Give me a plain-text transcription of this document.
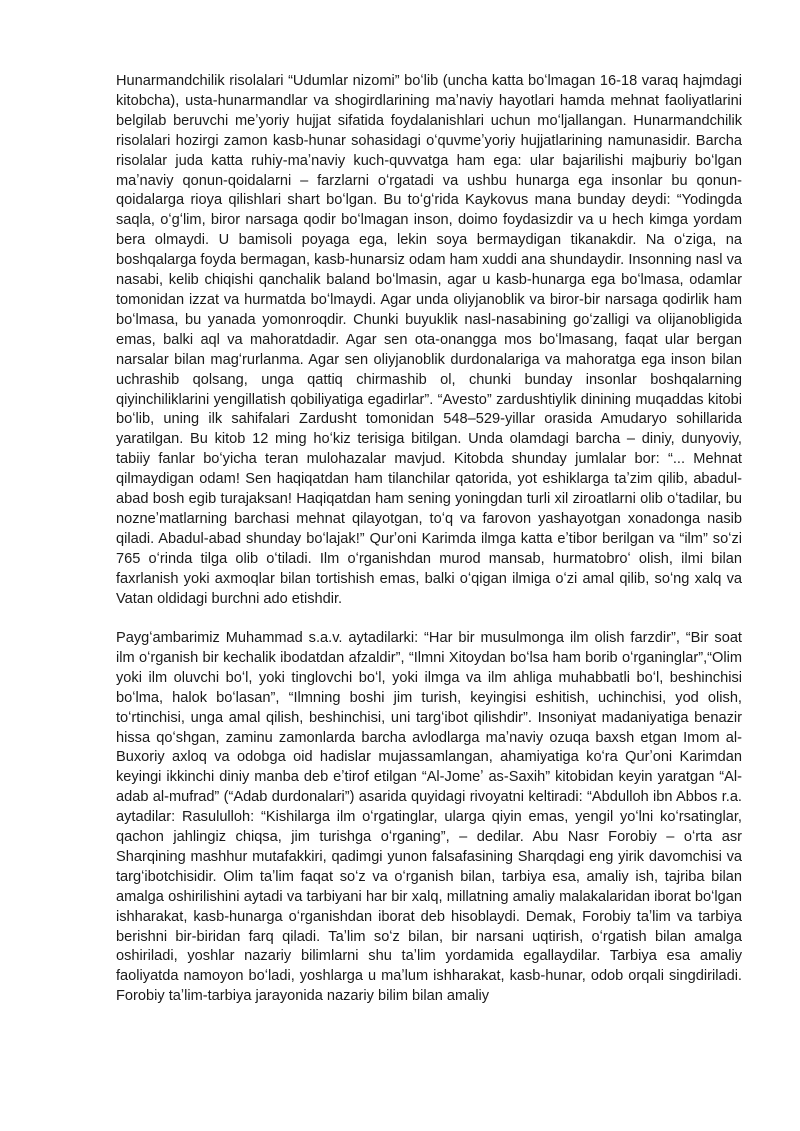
Hunarmandchilik risolalari “Udumlar nizomi” boʻlib (uncha katta boʻlmagan 16-18 varaq hajmdagi kitobcha), usta-hunarmandlar va shogirdlarining maʼnaviy hayotlari hamda mehnat faoliyatlarini belgilab beruvchi meʼyoriy hujjat sifatida foydalanishlari uchun moʻljallangan. Hunarmandchilik risolalari hozirgi zamon kasb-hunar sohasidagi oʻquvmeʼyoriy hujjatlarining namunasidir. Barcha risolalar juda katta ruhiy-maʼnaviy kuch-quvvatga ham ega: ular bajarilishi majburiy boʻlgan maʼnaviy qonun-qoidalarni – farzlarni oʻrgatadi va ushbu hunarga ega insonlar bu qonun-qoidalarga rioya qilishlari shart boʻlgan. Bu toʻgʻrida Kaykovus mana bunday deydi: “Yodingda saqla, oʻgʻlim, biror narsaga qodir boʻlmagan inson, doimo foydasizdir va u hech kimga yordam bera olmaydi. U bamisoli poyaga ega, lekin soya bermaydigan tikanakdir. Na oʻziga, na boshqalarga foyda bermagan, kasb-hunarsiz odam ham xuddi ana shundaydir. Insonning nasl va nasabi, kelib chiqishi qanchalik baland boʻlmasin, agar u kasb-hunarga ega boʻlmasa, odamlar tomonidan izzat va hurmatda boʻlmaydi. Agar unda oliyjanoblik va biror-bir narsaga qodirlik ham boʻlmasa, bu yanada yomonroqdir. Chunki buyuklik nasl-nasabining goʻzalligi va olijanobligida emas, balki aql va mahoratdadir. Agar sen ota-onangga mos boʻlmasang, faqat ular bergan narsalar bilan magʻrurlanma. Agar sen oliyjanoblik durdonalariga va mahoratga ega inson bilan uchrashib qolsang, unga qattiq chirmashib ol, chunki bunday insonlar boshqalarning qiyinchiliklarini yengillatish qobiliyatiga egadirlar”. “Avesto” zardushtiylik dinining muqaddas kitobi boʻlib, uning ilk sahifalari Zardusht tomonidan 548–529-yillar orasida Amudaryo sohillarida yaratilgan. Bu kitob 12 ming hoʻkiz terisiga bitilgan. Unda olamdagi barcha – diniy, dunyoviy, tabiiy fanlar boʻyicha teran mulohazalar mavjud. Kitobda shunday jumlalar bor: “... Mehnat qilmaydigan odam! Sen haqiqatdan ham tilanchilar qatorida, yot eshiklarga taʼzim qilib, abadul-abad bosh egib turajaksan! Haqiqatdan ham sening yoningdan turli xil ziroatlarni olib oʻtadilar, bu nozneʼmatlarning barchasi mehnat qilayotgan, toʻq va farovon yashayotgan xonadonga nasib qiladi. Abadul-abad shunday boʻlajak!” Qurʼoni Karimda ilmga katta eʼtibor berilgan va “ilm” soʻzi 765 oʻrinda tilga olib oʻtiladi. Ilm oʻrganishdan murod mansab, hurmatobroʻ olish, ilmi bilan faxrlanish yoki axmoqlar bilan tortishish emas, balki oʻqigan ilmiga oʻzi amal qilib, soʻng xalq va Vatan oldidagi burchni ado etishdir.

Paygʻambarimiz Muhammad s.a.v. aytadilarki: “Har bir musulmonga ilm olish farzdir”, “Bir soat ilm oʻrganish bir kechalik ibodatdan afzaldir”, “Ilmni Xitoydan boʻlsa ham borib oʻrganinglar”,“Olim yoki ilm oluvchi boʻl, yoki tinglovchi boʻl, yoki ilmga va ilm ahliga muhabbatli boʻl, beshinchisi boʻlma, halok boʻlasan”, “Ilmning boshi jim turish, keyingisi eshitish, uchinchisi, yod olish, toʻrtinchisi, unga amal qilish, beshinchisi, uni targʻibot qilishdir”. Insoniyat madaniyatiga benazir hissa qoʻshgan, zaminu zamonlarda barcha avlodlarga maʼnaviy ozuqa baxsh etgan Imom al-Buxoriy axloq va odobga oid hadislar mujassamlangan, ahamiyatiga koʻra Qurʼoni Karimdan keyingi ikkinchi diniy manba deb eʼtirof etilgan “Al-Jomeʼ as-Saxih” kitobidan keyin yaratgan “Al-adab al-mufrad” (“Adab durdonalari”) asarida quyidagi rivoyatni keltiradi: “Abdulloh ibn Abbos r.a. aytadilar: Rasululloh: “Kishilarga ilm oʻrgatinglar, ularga qiyin emas, yengil yoʻlni koʻrsatinglar, qachon jahlingiz chiqsa, jim turishga oʻrganing”, – dedilar. Abu Nasr Forobiy – oʻrta asr Sharqining mashhur mutafakkiri, qadimgi yunon falsafasining Sharqdagi eng yirik davomchisi va targʻibotchisidir. Olim taʼlim faqat soʻz va oʻrganish bilan, tarbiya esa, amaliy ish, tajriba bilan amalga oshirilishini aytadi va tarbiyani har bir xalq, millatning amaliy malakalaridan iborat boʻlgan ishharakat, kasb-hunarga oʻrganishdan iborat deb hisoblaydi. Demak, Forobiy taʼlim va tarbiya berishni bir-biridan farq qiladi. Taʼlim soʻz bilan, bir narsani uqtirish, oʻrgatish bilan amalga oshiriladi, yoshlar nazariy bilimlarni shu taʼlim yordamida egallaydilar. Tarbiya esa amaliy faoliyatda namoyon boʻladi, yoshlarga u maʼlum ishharakat, kasb-hunar, odob orqali singdiriladi. Forobiy taʼlim-tarbiya jarayonida nazariy bilim bilan amaliy
